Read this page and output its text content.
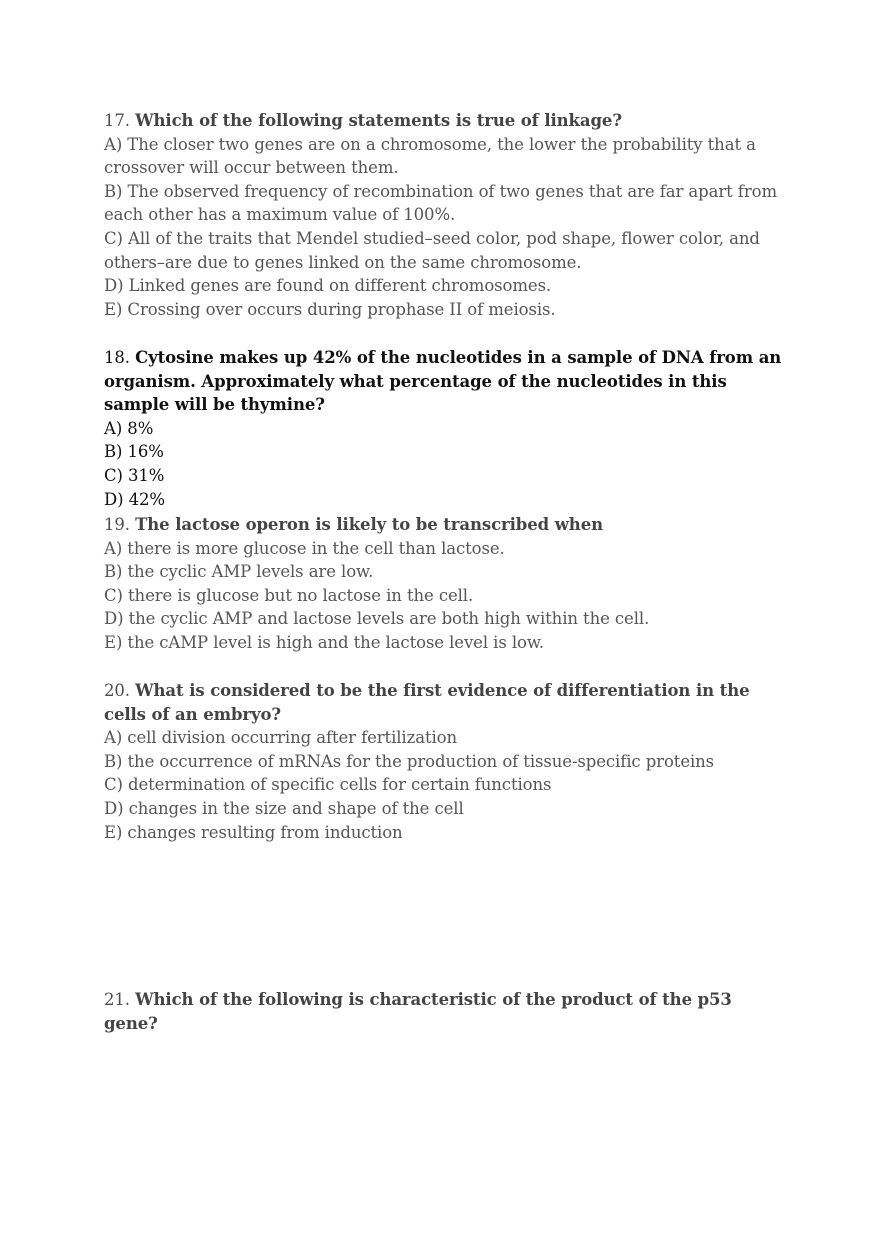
17. Which of the following statements is true of linkage?

A) The closer two genes are on a chromosome, the lower the probability that a crossover will occur between them.

B) The observed frequency of recombination of two genes that are far apart from each other has a maximum value of 100%.

C) All of the traits that Mendel studied–seed color, pod shape, flower color, and others–are due to genes linked on the same chromosome.

D) Linked genes are found on different chromosomes.

E) Crossing over occurs during prophase II of meiosis.

18. Cytosine makes up 42% of the nucleotides in a sample of DNA from an organism. Approximately what percentage of the nucleotides in this sample will be thymine?

A) 8%

B) 16%

C) 31%

D) 42%

19. The lactose operon is likely to be transcribed when

A) there is more glucose in the cell than lactose.

B) the cyclic AMP levels are low.

C) there is glucose but no lactose in the cell.

D) the cyclic AMP and lactose levels are both high within the cell.

E) the cAMP level is high and the lactose level is low.

20. What is considered to be the first evidence of differentiation in the cells of an embryo?

A) cell division occurring after fertilization

B) the occurrence of mRNAs for the production of tissue-specific proteins

C) determination of specific cells for certain functions

D) changes in the size and shape of the cell

E) changes resulting from induction

21. Which of the following is characteristic of the product of the p53 gene?
